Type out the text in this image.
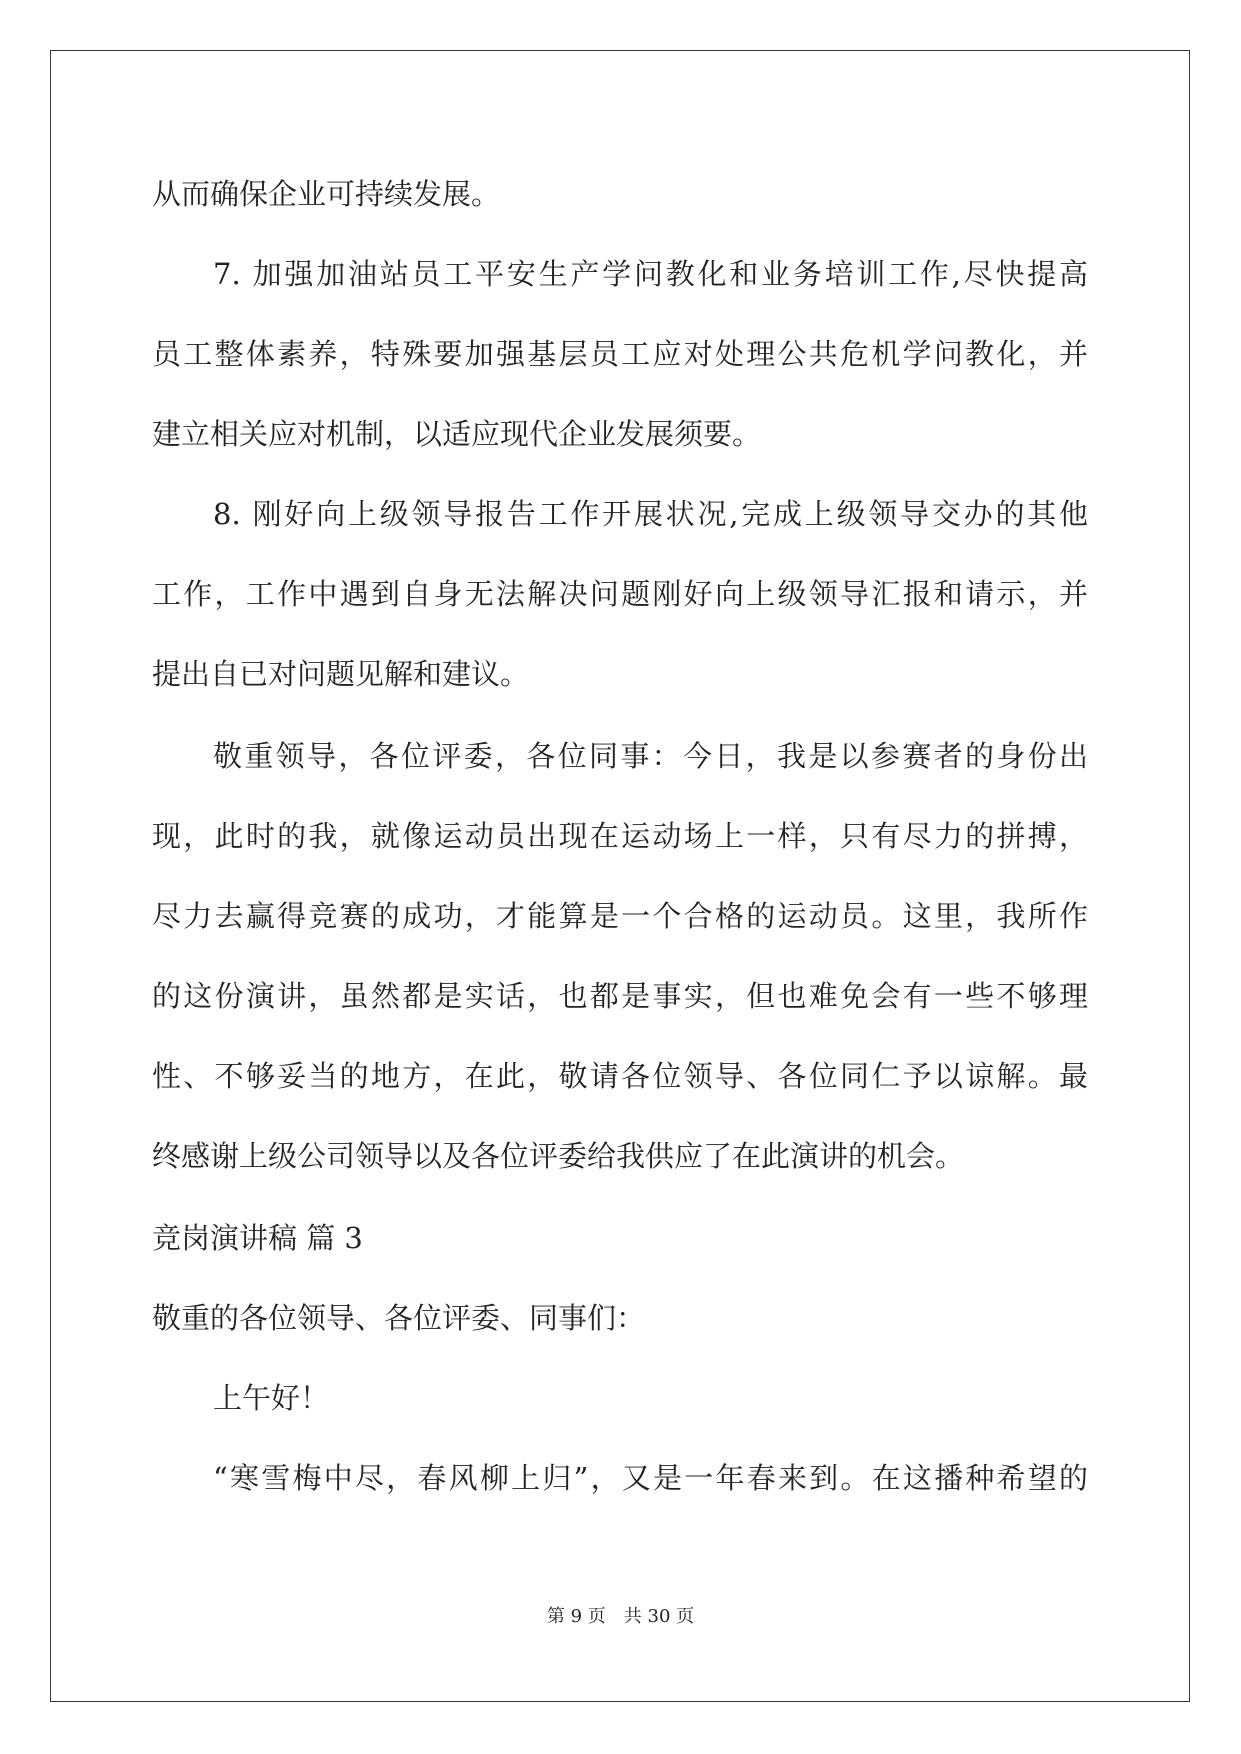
从而确保企业可持续发展。
7. 加强加油站员工平安生产学问教化和业务培训工作,尽快提高
员工整体素养，特殊要加强基层员工应对处理公共危机学问教化，并
建立相关应对机制，以适应现代企业发展须要。
8. 刚好向上级领导报告工作开展状况,完成上级领导交办的其他
工作，工作中遇到自身无法解决问题刚好向上级领导汇报和请示，并
提出自已对问题见解和建议。
敬重领导，各位评委，各位同事：今日，我是以参赛者的身份出
现，此时的我，就像运动员出现在运动场上一样，只有尽力的拼搏，
尽力去赢得竞赛的成功，才能算是一个合格的运动员。这里，我所作
的这份演讲，虽然都是实话，也都是事实，但也难免会有一些不够理
性、不够妥当的地方，在此，敬请各位领导、各位同仁予以谅解。最
终感谢上级公司领导以及各位评委给我供应了在此演讲的机会。
竞岗演讲稿 篇 3
敬重的各位领导、各位评委、同事们：
上午好！
“寒雪梅中尽，春风柳上归”，又是一年春来到。在这播种希望的
第 9 页　共 30 页
